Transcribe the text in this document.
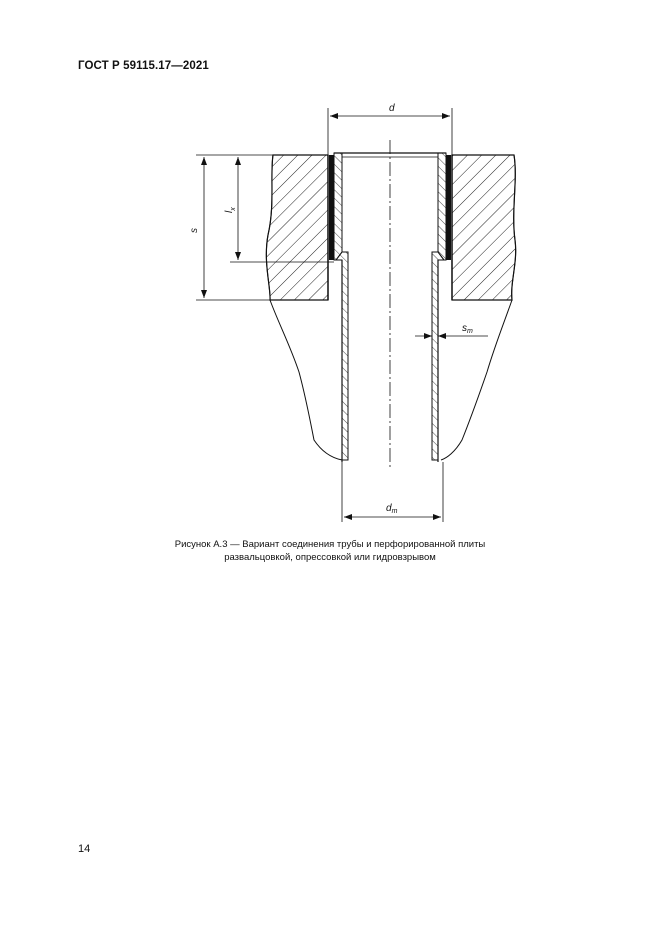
ГОСТ Р 59115.17—2021
s
$l_x$
d
$d_т$
$s_т$
Рисунок А.3 — Вариант соединения трубы и перфорированной плиты
развальцовкой, опрессовкой или гидровзрывом
14
